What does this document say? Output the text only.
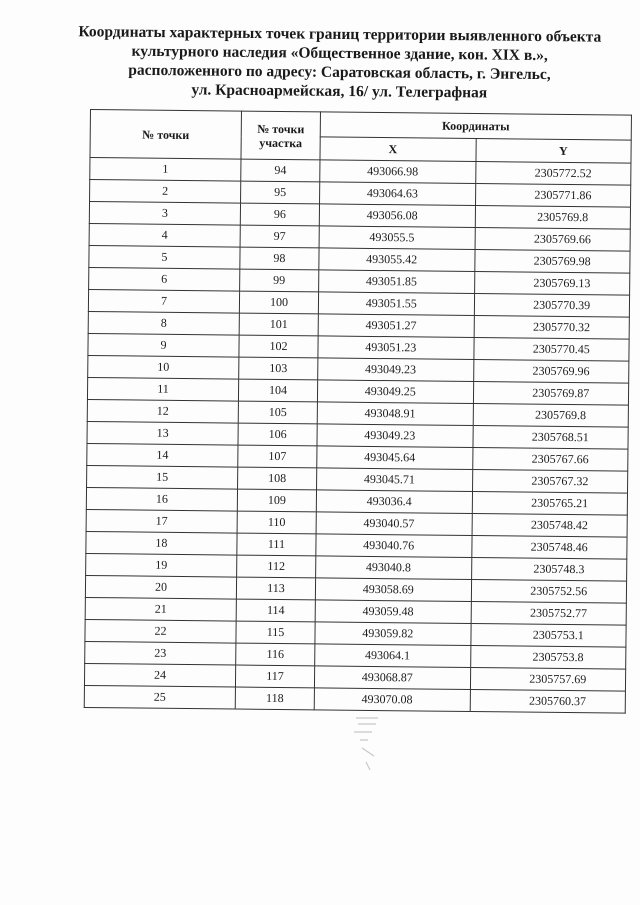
Координаты характерных точек границ территории выявленного объекта
культурного наследия «Общественное здание, кон. XIX в.»,
расположенного по адресу: Саратовская область, г. Энгельс,
ул. Красноармейская, 16/ ул. Телеграфная
№ точки	№ точки участка	Координаты	
		X	Y
1	94	493066.98	2305772.52
2	95	493064.63	2305771.86
3	96	493056.08	2305769.8
4	97	493055.5	2305769.66
5	98	493055.42	2305769.98
6	99	493051.85	2305769.13
7	100	493051.55	2305770.39
8	101	493051.27	2305770.32
9	102	493051.23	2305770.45
10	103	493049.23	2305769.96
11	104	493049.25	2305769.87
12	105	493048.91	2305769.8
13	106	493049.23	2305768.51
14	107	493045.64	2305767.66
15	108	493045.71	2305767.32
16	109	493036.4	2305765.21
17	110	493040.57	2305748.42
18	111	493040.76	2305748.46
19	112	493040.8	2305748.3
20	113	493058.69	2305752.56
21	114	493059.48	2305752.77
22	115	493059.82	2305753.1
23	116	493064.1	2305753.8
24	117	493068.87	2305757.69
25	118	493070.08	2305760.37
